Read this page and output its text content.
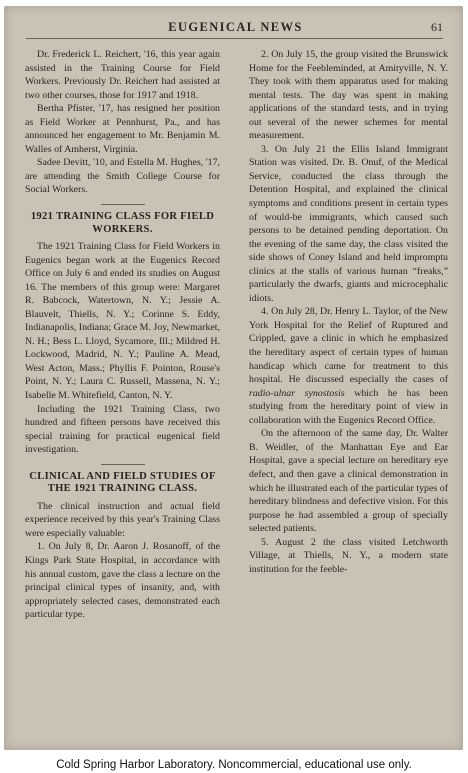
EUGENICAL NEWS	61

Dr. Frederick L. Reichert, '16, this year again assisted in the Training Course for Field Workers. Previously Dr. Reichert had assisted at two other courses, those for 1917 and 1918.

Bertha Pfister, '17, has resigned her position as Field Worker at Pennhurst, Pa., and has announced her engagement to Mr. Benjamin M. Walles of Amherst, Virginia.

Sadee Devitt, '10, and Estella M. Hughes, '17, are attending the Smith College Course for Social Workers.

1921 TRAINING CLASS FOR FIELD WORKERS.

The 1921 Training Class for Field Workers in Eugenics began work at the Eugenics Record Office on July 6 and ended its studies on August 16. The members of this group were: Margaret R. Babcock, Watertown, N. Y.; Jessie A. Blauvelt, Thiells, N. Y.; Corinne S. Eddy, Indianapolis, Indiana; Grace M. Joy, Newmarket, N. H.; Bess L. Lloyd, Sycamore, Ill.; Mildred H. Lockwood, Madrid, N. Y.; Pauline A. Mead, West Acton, Mass.; Phyllis F. Pointon, Rouse's Point, N. Y.; Laura C. Russell, Massena, N. Y.; Isabelle M. Whitefield, Canton, N. Y.

Including the 1921 Training Class, two hundred and fifteen persons have received this special training for practical eugenical field investigation.

CLINICAL AND FIELD STUDIES OF THE 1921 TRAINING CLASS.

The clinical instruction and actual field experience received by this year's Training Class were especially valuable:

1. On July 8, Dr. Aaron J. Rosanoff, of the Kings Park State Hospital, in accordance with his annual custom, gave the class a lecture on the principal clinical types of insanity, and, with appropriately selected cases, demonstrated each particular type.

2. On July 15, the group visited the Brunswick Home for the Feebleminded, at Amityville, N. Y. They took with them apparatus used for making mental tests. The day was spent in making applications of the standard tests, and in trying out several of the newer schemes for mental measurement.

3. On July 21 the Ellis Island Immigrant Station was visited. Dr. B. Onuf, of the Medical Service, conducted the class through the Detention Hospital, and explained the clinical symptoms and conditions present in certain types of would-be immigrants, which caused such persons to be detained pending deportation. On the evening of the same day, the class visited the side shows of Coney Island and held impromptu clinics at the stalls of various human “freaks,” particularly the dwarfs, giants and microcephalic idiots.

4. On July 28, Dr. Henry L. Taylor, of the New York Hospital for the Relief of Ruptured and Crippled, gave a clinic in which he emphasized the hereditary aspect of certain types of human handicap which came for treatment to this hospital. He discussed especially the cases of radio-ulnar synostosis which he has been studying from the hereditary point of view in collaboration with the Eugenics Record Office.

On the afternoon of the same day, Dr. Walter B. Weidler, of the Manhattan Eye and Ear Hospital, gave a special lecture on hereditary eye defect, and then gave a clinical demonstration in which he illustrated each of the particular types of hereditary blindness and defective vision. For this purpose he had assembled a group of specially selected patients.

5. August 2 the class visited Letchworth Village, at Thiells, N. Y., a modern state institution for the feeble-

Cold Spring Harbor Laboratory. Noncommercial, educational use only.
